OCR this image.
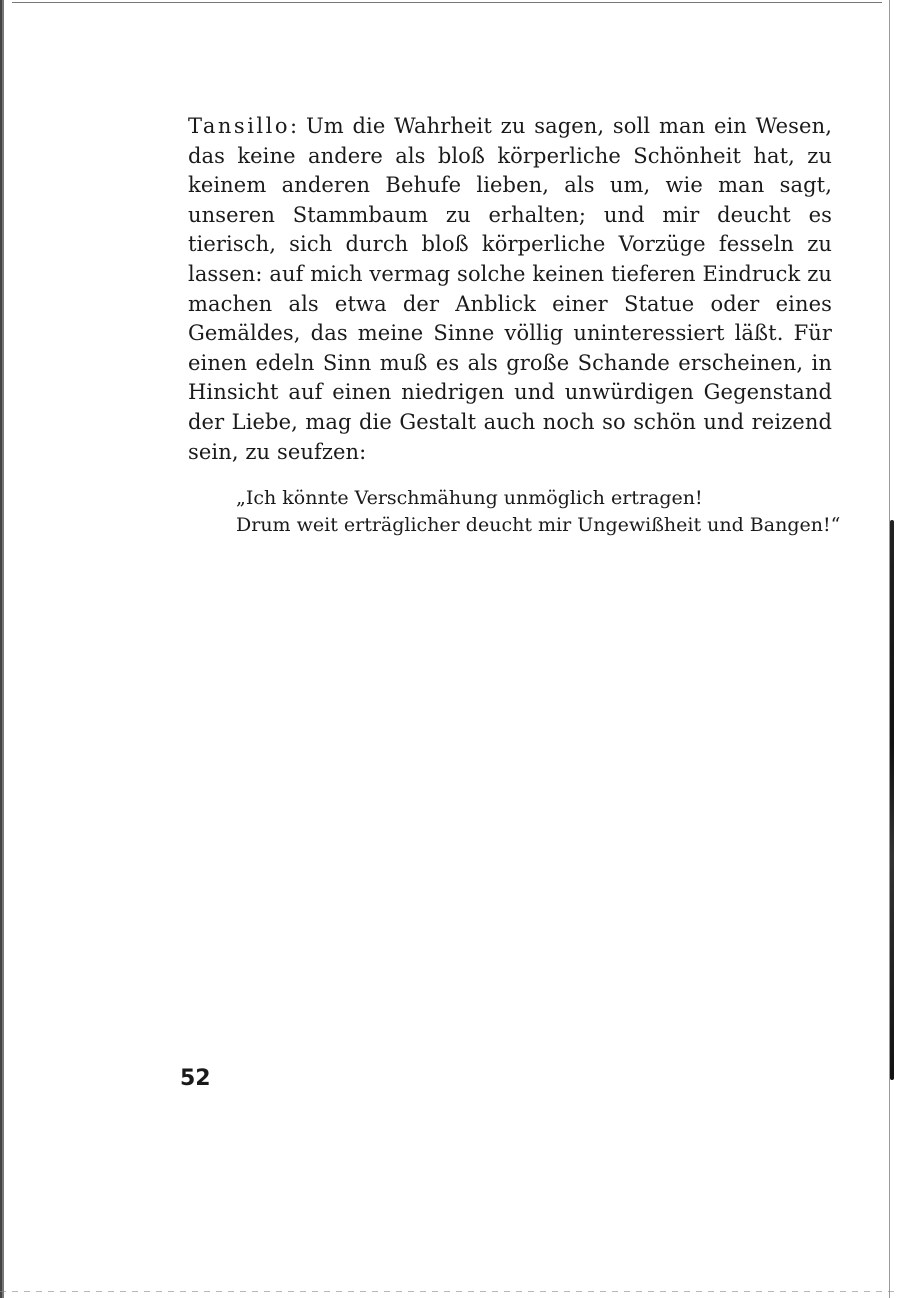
Tansillo: Um die Wahrheit zu sagen, soll man ein Wesen, das keine andere als bloß körperliche Schönheit hat, zu keinem anderen Behufe lieben, als um, wie man sagt, unseren Stammbaum zu erhalten; und mir deucht es tierisch, sich durch bloß körperliche Vorzüge fesseln zu lassen: auf mich vermag solche keinen tieferen Eindruck zu machen als etwa der Anblick einer Statue oder eines Gemäldes, das meine Sinne völlig uninteressiert läßt. Für einen edeln Sinn muß es als große Schande erscheinen, in Hinsicht auf einen niedrigen und unwürdigen Gegenstand der Liebe, mag die Gestalt auch noch so schön und reizend sein, zu seufzen:

„Ich könnte Verschmähung unmöglich ertragen!
Drum weit erträglicher deucht mir Ungewißheit und Bangen!“
52
